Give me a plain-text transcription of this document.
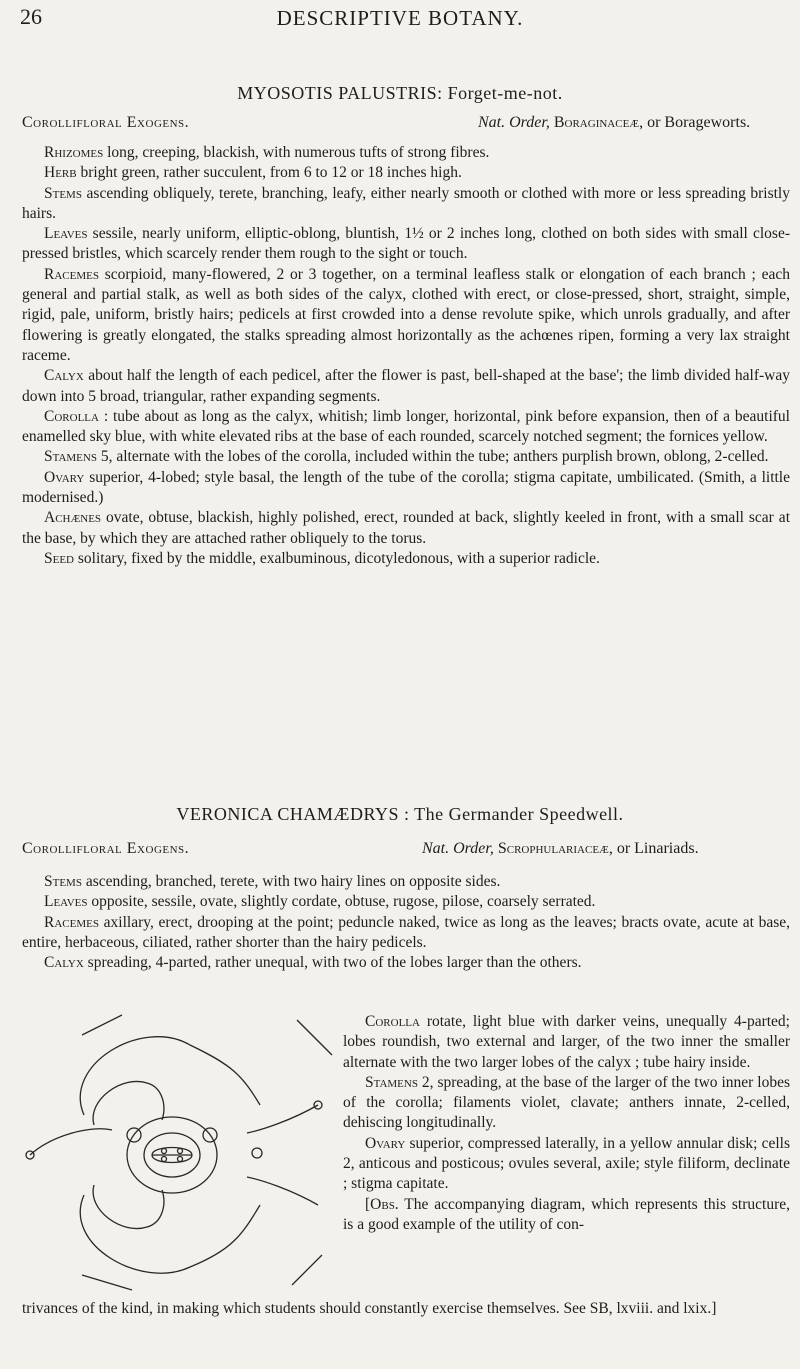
26	DESCRIPTIVE BOTANY.
MYOSOTIS PALUSTRIS: Forget-me-not.
Corollifloral Exogens.	Nat. Order, Boraginaceæ, or Borageworts.

Rhizomes long, creeping, blackish, with numerous tufts of strong fibres.

Herb bright green, rather succulent, from 6 to 12 or 18 inches high.

Stems ascending obliquely, terete, branching, leafy, either nearly smooth or clothed with more or less spreading bristly hairs.

Leaves sessile, nearly uniform, elliptic-oblong, bluntish, 1½ or 2 inches long, clothed on both sides with small close-pressed bristles, which scarcely render them rough to the sight or touch.

Racemes scorpioid, many-flowered, 2 or 3 together, on a terminal leafless stalk or elongation of each branch ; each general and partial stalk, as well as both sides of the calyx, clothed with erect, or close-pressed, short, straight, simple, rigid, pale, uniform, bristly hairs; pedicels at first crowded into a dense revolute spike, which unrols gradually, and after flowering is greatly elongated, the stalks spreading almost horizontally as the achœnes ripen, forming a very lax straight raceme.

Calyx about half the length of each pedicel, after the flower is past, bell-shaped at the base'; the limb divided half-way down into 5 broad, triangular, rather expanding segments.

Corolla : tube about as long as the calyx, whitish; limb longer, horizontal, pink before expansion, then of a beautiful enamelled sky blue, with white elevated ribs at the base of each rounded, scarcely notched segment; the fornices yellow.

Stamens 5, alternate with the lobes of the corolla, included within the tube; anthers purplish brown, oblong, 2-celled.

Ovary superior, 4-lobed; style basal, the length of the tube of the corolla; stigma capitate, umbilicated. (Smith, a little modernised.)

Achænes ovate, obtuse, blackish, highly polished, erect, rounded at back, slightly keeled in front, with a small scar at the base, by which they are attached rather obliquely to the torus.

Seed solitary, fixed by the middle, exalbuminous, dicotyledonous, with a superior radicle.

VERONICA CHAMÆDRYS : The Germander Speedwell.
Corollifloral Exogens.	Nat. Order, Scrophulariaceæ, or Linariads.

Stems ascending, branched, terete, with two hairy lines on opposite sides.

Leaves opposite, sessile, ovate, slightly cordate, obtuse, rugose, pilose, coarsely serrated.

Racemes axillary, erect, drooping at the point; peduncle naked, twice as long as the leaves; bracts ovate, acute at base, entire, herbaceous, ciliated, rather shorter than the hairy pedicels.

Calyx spreading, 4-parted, rather unequal, with two of the lobes larger than the others.

Corolla rotate, light blue with darker veins, unequally 4-parted; lobes roundish, two external and larger, of the two inner the smaller alternate with the two larger lobes of the calyx ; tube hairy inside.

Stamens 2, spreading, at the base of the larger of the two inner lobes of the corolla; filaments violet, clavate; anthers innate, 2-celled, dehiscing longitudinally.

Ovary superior, compressed laterally, in a yellow annular disk; cells 2, anticous and posticous; ovules several, axile; style filiform, declinate ; stigma capitate.

[Obs. The accompanying diagram, which represents this structure, is a good example of the utility of con-

trivances of the kind, in making which students should constantly exercise themselves. See SB, lxviii. and lxix.]
